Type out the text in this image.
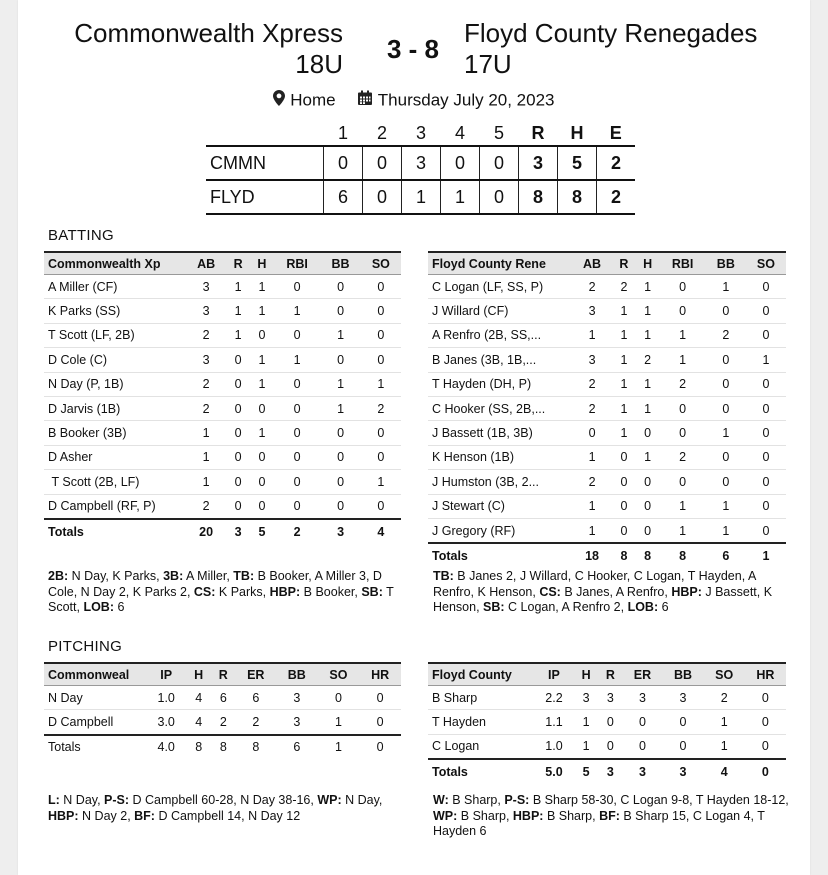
Commonwealth Xpress
18U	3 - 8
Floyd County Renegades
17U
Home Thursday July 20, 2023
	1	2	3	4	5	R	H	E
CMMN	0	0	3	0	0	3	5	2
FLYD	6	0	1	1	0	8	8	2
BATTING
Commonwealth Xp	AB	R	H	RBI	BB	SO
A Miller (CF)	3	1	1	0	0	0
K Parks (SS)	3	1	1	1	0	0
T Scott (LF, 2B)	2	1	0	0	1	0
D Cole (C)	3	0	1	1	0	0
N Day (P, 1B)	2	0	1	0	1	1
D Jarvis (1B)	2	0	0	0	1	2
B Booker (3B)	1	0	1	0	0	0
D Asher	1	0	0	0	0	0
T Scott (2B, LF)	1	0	0	0	0	1
D Campbell (RF, P)	2	0	0	0	0	0
Totals	20	3	5	2	3	4
Floyd County Rene	AB	R	H	RBI	BB	SO
C Logan (LF, SS, P)	2	2	1	0	1	0
J Willard (CF)	3	1	1	0	0	0
A Renfro (2B, SS,...	1	1	1	1	2	0
B Janes (3B, 1B,...	3	1	2	1	0	1
T Hayden (DH, P)	2	1	1	2	0	0
C Hooker (SS, 2B,...	2	1	1	0	0	0
J Bassett (1B, 3B)	0	1	0	0	1	0
K Henson (1B)	1	0	1	2	0	0
J Humston (3B, 2...	2	0	0	0	0	0
J Stewart (C)	1	0	0	1	1	0
J Gregory (RF)	1	0	0	1	1	0
Totals	18	8	8	8	6	1
2B: N Day, K Parks, 3B: A Miller, TB: B Booker, A Miller 3, D Cole, N Day 2, K Parks 2, CS: K Parks, HBP: B Booker, SB: T Scott, LOB: 6
TB: B Janes 2, J Willard, C Hooker, C Logan, T Hayden, A Renfro, K Henson, CS: B Janes, A Renfro, HBP: J Bassett, K Henson, SB: C Logan, A Renfro 2, LOB: 6
PITCHING
Commonweal	IP	H	R	ER	BB	SO	HR
N Day	1.0	4	6	6	3	0	0
D Campbell	3.0	4	2	2	3	1	0
Totals	4.0	8	8	8	6	1	0
Floyd County	IP	H	R	ER	BB	SO	HR
B Sharp	2.2	3	3	3	3	2	0
T Hayden	1.1	1	0	0	0	1	0
C Logan	1.0	1	0	0	0	1	0
Totals	5.0	5	3	3	3	4	0
L: N Day, P-S: D Campbell 60-28, N Day 38-16, WP: N Day, HBP: N Day 2, BF: D Campbell 14, N Day 12
W: B Sharp, P-S: B Sharp 58-30, C Logan 9-8, T Hayden 18-12, WP: B Sharp, HBP: B Sharp, BF: B Sharp 15, C Logan 4, T Hayden 6
